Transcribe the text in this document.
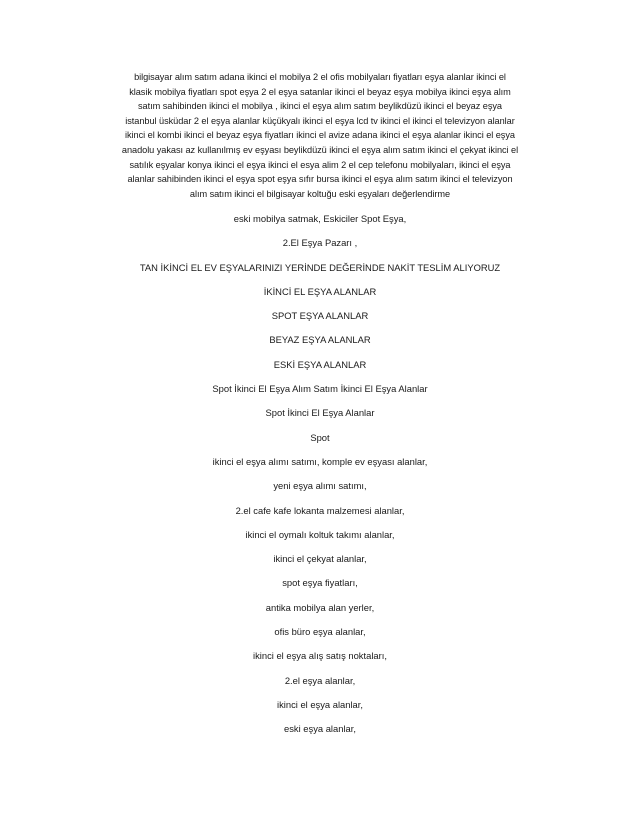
bilgisayar alım satım adana ikinci el mobilya 2 el ofis mobilyaları fiyatları eşya alanlar ikinci el
klasik mobilya fiyatları spot eşya 2 el eşya satanlar ikinci el beyaz eşya mobilya ikinci eşya alım
satım sahibinden ikinci el mobilya , ikinci el eşya alım satım beylikdüzü ikinci el beyaz eşya
istanbul üsküdar 2 el eşya alanlar küçükyalı ikinci el eşya lcd tv ikinci el ikinci el televizyon alanlar
ikinci el kombi ikinci el beyaz eşya fiyatları ikinci el avize adana ikinci el eşya alanlar ikinci el eşya
anadolu yakası az kullanılmış ev eşyası beylikdüzü ikinci el eşya alım satım ikinci el çekyat ikinci el
satılık eşyalar konya ikinci el eşya ikinci el esya alim 2 el cep telefonu mobilyaları, ikinci el eşya
alanlar sahibinden ikinci el eşya spot eşya sıfır bursa ikinci el eşya alım satım ikinci el televizyon
alım satım ikinci el bilgisayar koltuğu eski eşyaları değerlendirme

eski mobilya satmak, Eskiciler Spot Eşya,
2.El Eşya Pazarı ,
TAN İKİNCİ EL EV EŞYALARINIZI YERİNDE DEĞERİNDE NAKİT TESLİM ALIYORUZ
İKİNCİ EL EŞYA ALANLAR
SPOT EŞYA ALANLAR
BEYAZ EŞYA ALANLAR
ESKİ EŞYA ALANLAR
Spot İkinci El Eşya Alım Satım İkinci El Eşya Alanlar
Spot İkinci El Eşya Alanlar
Spot
ikinci el eşya alımı satımı, komple ev eşyası alanlar,
yeni eşya alımı satımı,
2.el cafe kafe lokanta malzemesi alanlar,
ikinci el oymalı koltuk takımı alanlar,
ikinci el çekyat alanlar,
spot eşya fiyatları,
antika mobilya alan yerler,
ofis büro eşya alanlar,
ikinci el eşya alış satış noktaları,
2.el eşya alanlar,
ikinci el eşya alanlar,
eski eşya alanlar,
